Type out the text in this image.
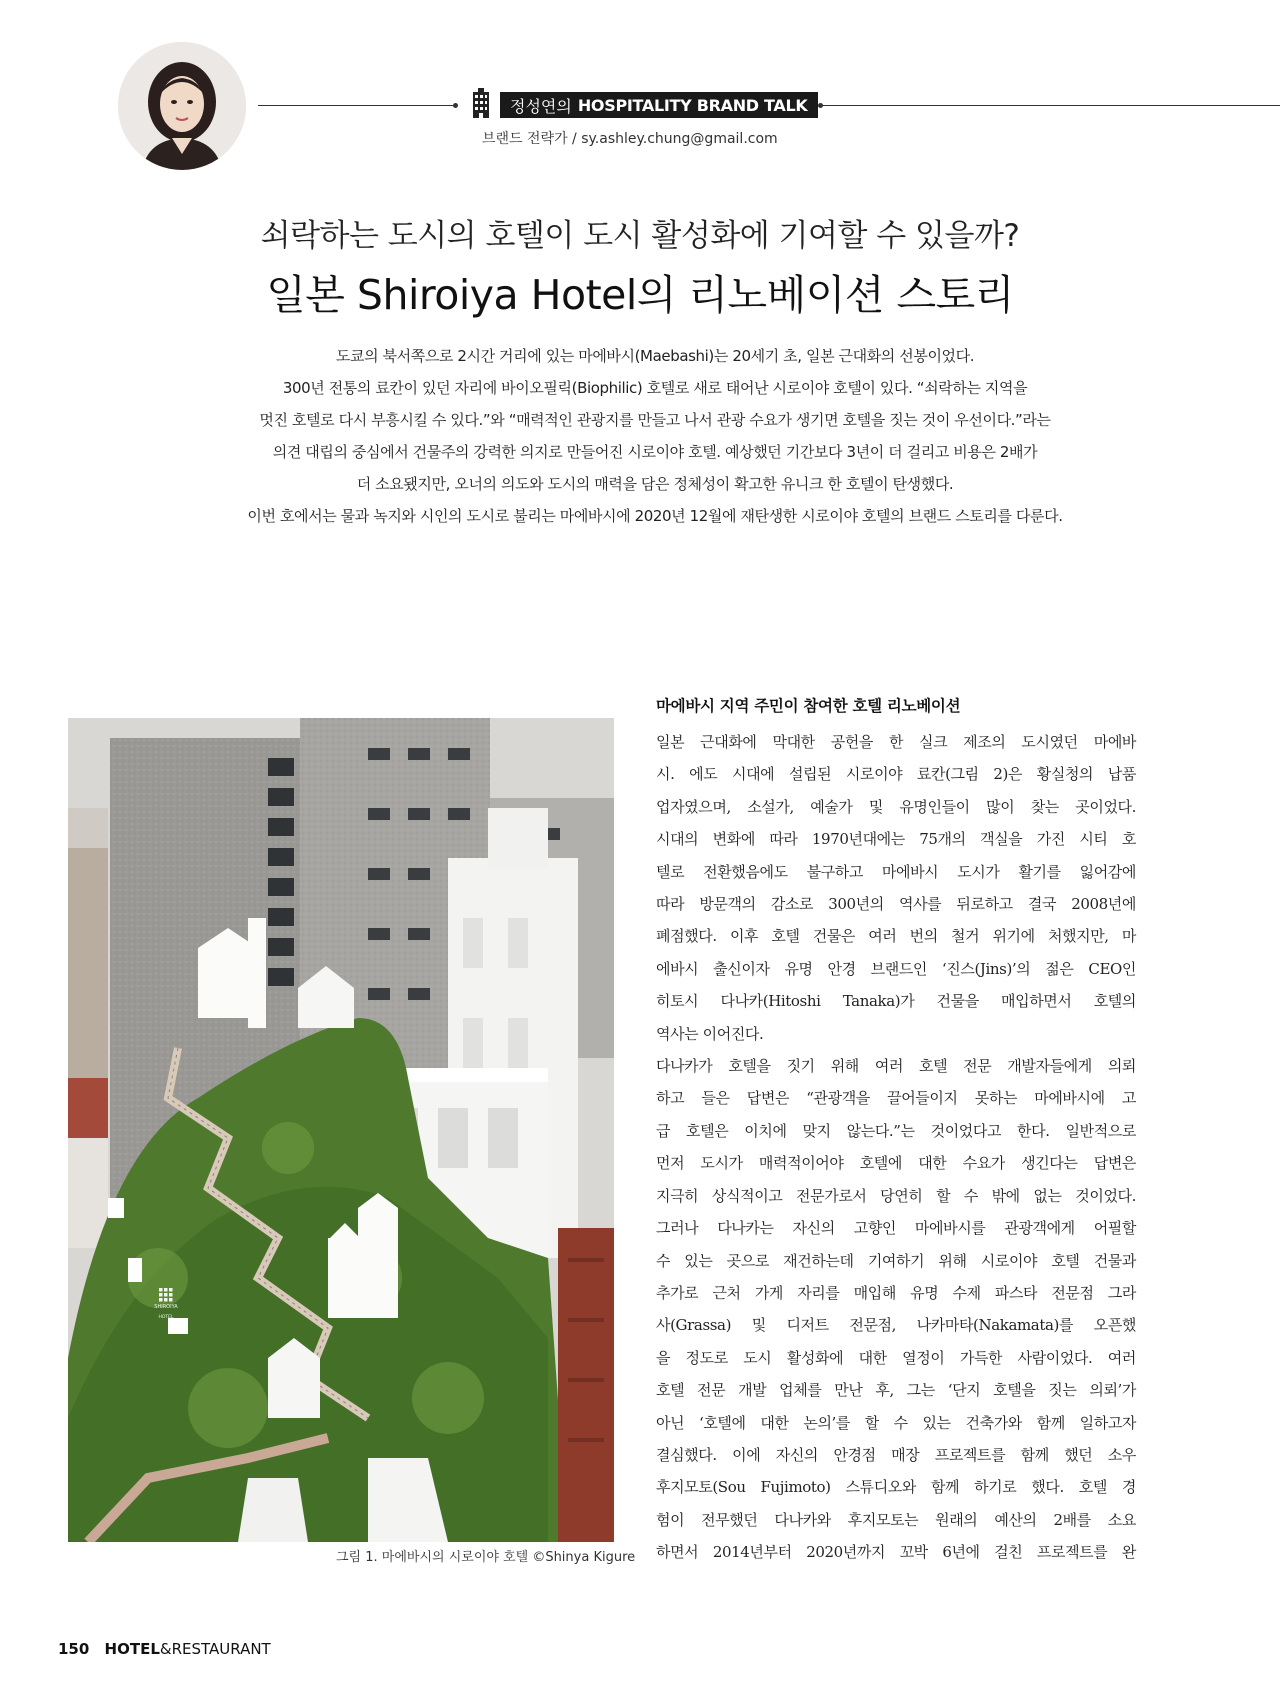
정성연의 HOSPITALITY BRAND TALK
브랜드 전략가 / sy.ashley.chung@gmail.com
쇠락하는 도시의 호텔이 도시 활성화에 기여할 수 있을까?
일본 Shiroiya Hotel의 리노베이션 스토리
도쿄의 북서쪽으로 2시간 거리에 있는 마에바시(Maebashi)는 20세기 초, 일본 근대화의 선봉이었다.
300년 전통의 료칸이 있던 자리에 바이오필릭(Biophilic) 호텔로 새로 태어난 시로이야 호텔이 있다. “쇠락하는 지역을
멋진 호텔로 다시 부흥시킬 수 있다.”와 “매력적인 관광지를 만들고 나서 관광 수요가 생기면 호텔을 짓는 것이 우선이다.”라는
의견 대립의 중심에서 건물주의 강력한 의지로 만들어진 시로이야 호텔. 예상했던 기간보다 3년이 더 걸리고 비용은 2배가
더 소요됐지만, 오너의 의도와 도시의 매력을 담은 정체성이 확고한 유니크 한 호텔이 탄생했다.
이번 호에서는 물과 녹지와 시인의 도시로 불리는 마에바시에 2020년 12월에 재탄생한 시로이야 호텔의 브랜드 스토리를 다룬다.
SHIROIYA
HOTEL
그림 1. 마에바시의 시로이야 호텔 ©Shinya Kigure
마에바시 지역 주민이 참여한 호텔 리노베이션
일본 근대화에 막대한 공헌을 한 실크 제조의 도시였던 마에바
시. 에도 시대에 설립된 시로이야 료칸(그림 2)은 황실청의 납품
업자였으며, 소설가, 예술가 및 유명인들이 많이 찾는 곳이었다.
시대의 변화에 따라 1970년대에는 75개의 객실을 가진 시티 호
텔로 전환했음에도 불구하고 마에바시 도시가 활기를 잃어감에
따라 방문객의 감소로 300년의 역사를 뒤로하고 결국 2008년에
폐점했다. 이후 호텔 건물은 여러 번의 철거 위기에 처했지만, 마
에바시 출신이자 유명 안경 브랜드인 ‘진스(Jins)’의 젊은 CEO인
히토시 다나카(Hitoshi Tanaka)가 건물을 매입하면서 호텔의
역사는 이어진다.
다나카가 호텔을 짓기 위해 여러 호텔 전문 개발자들에게 의뢰
하고 들은 답변은 “관광객을 끌어들이지 못하는 마에바시에 고
급 호텔은 이치에 맞지 않는다.”는 것이었다고 한다. 일반적으로
먼저 도시가 매력적이어야 호텔에 대한 수요가 생긴다는 답변은
지극히 상식적이고 전문가로서 당연히 할 수 밖에 없는 것이었다.
그러나 다나카는 자신의 고향인 마에바시를 관광객에게 어필할
수 있는 곳으로 재건하는데 기여하기 위해 시로이야 호텔 건물과
추가로 근처 가게 자리를 매입해 유명 수제 파스타 전문점 그라
사(Grassa) 및 디저트 전문점, 나카마타(Nakamata)를 오픈했
을 정도로 도시 활성화에 대한 열정이 가득한 사람이었다. 여러
호텔 전문 개발 업체를 만난 후, 그는 ‘단지 호텔을 짓는 의뢰’가
아닌 ‘호텔에 대한 논의’를 할 수 있는 건축가와 함께 일하고자
결심했다. 이에 자신의 안경점 매장 프로젝트를 함께 했던 소우
후지모토(Sou Fujimoto) 스튜디오와 함께 하기로 했다. 호텔 경
험이 전무했던 다나카와 후지모토는 원래의 예산의 2배를 소요
하면서 2014년부터 2020년까지 꼬박 6년에 걸친 프로젝트를 완
150 HOTEL&RESTAURANT
